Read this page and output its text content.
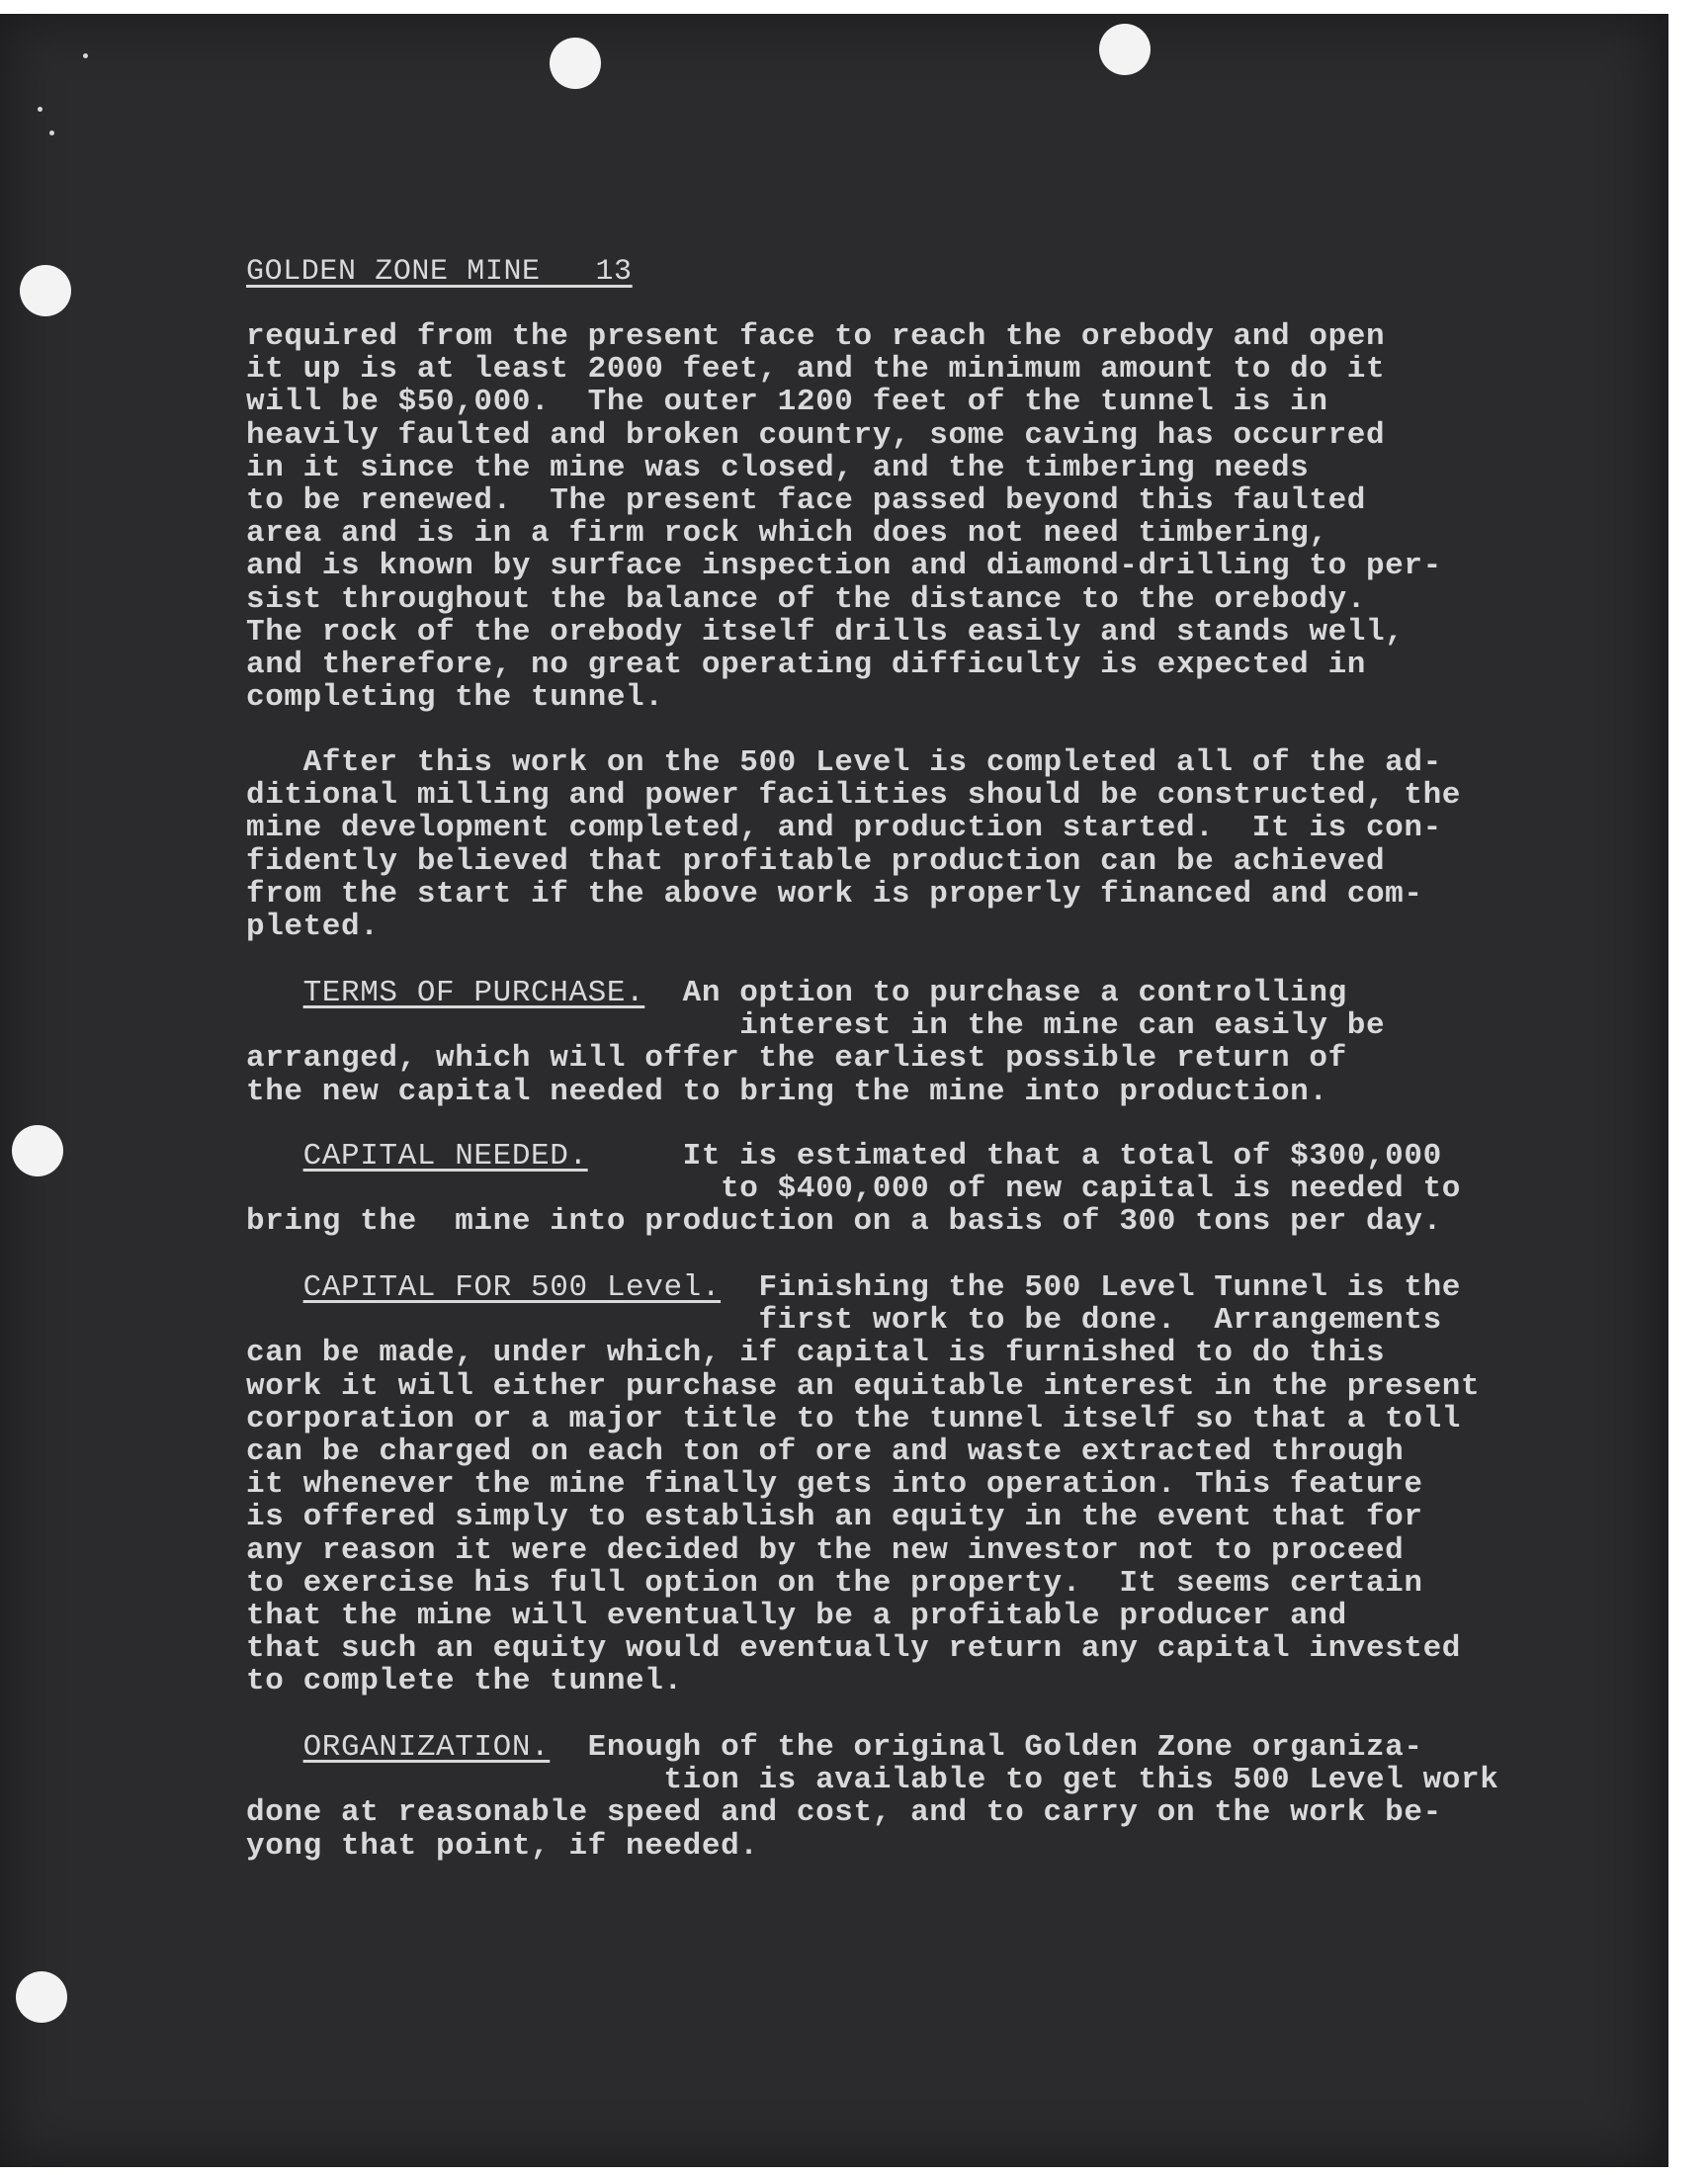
GOLDEN ZONE MINE   13
required from the present face to reach the orebody and open
it up is at least 2000 feet, and the minimum amount to do it
will be $50,000.  The outer 1200 feet of the tunnel is in
heavily faulted and broken country, some caving has occurred
in it since the mine was closed, and the timbering needs
to be renewed.  The present face passed beyond this faulted
area and is in a firm rock which does not need timbering,
and is known by surface inspection and diamond-drilling to per-
sist throughout the balance of the distance to the orebody.
The rock of the orebody itself drills easily and stands well,
and therefore, no great operating difficulty is expected in
completing the tunnel.
After this work on the 500 Level is completed all of the ad-
ditional milling and power facilities should be constructed, the
mine development completed, and production started.  It is con-
fidently believed that profitable production can be achieved
from the start if the above work is properly financed and com-
pleted.
TERMS OF PURCHASE.  An option to purchase a controlling
interest in the mine can easily be
arranged, which will offer the earliest possible return of
the new capital needed to bring the mine into production.
CAPITAL NEEDED.     It is estimated that a total of $300,000
to $400,000 of new capital is needed to
bring the  mine into production on a basis of 300 tons per day.
CAPITAL FOR 500 Level.  Finishing the 500 Level Tunnel is the
first work to be done.  Arrangements
can be made, under which, if capital is furnished to do this
work it will either purchase an equitable interest in the present
corporation or a major title to the tunnel itself so that a toll
can be charged on each ton of ore and waste extracted through
it whenever the mine finally gets into operation. This feature
is offered simply to establish an equity in the event that for
any reason it were decided by the new investor not to proceed
to exercise his full option on the property.  It seems certain
that the mine will eventually be a profitable producer and
that such an equity would eventually return any capital invested
to complete the tunnel.
ORGANIZATION.  Enough of the original Golden Zone organiza-
tion is available to get this 500 Level work
done at reasonable speed and cost, and to carry on the work be-
yong that point, if needed.
